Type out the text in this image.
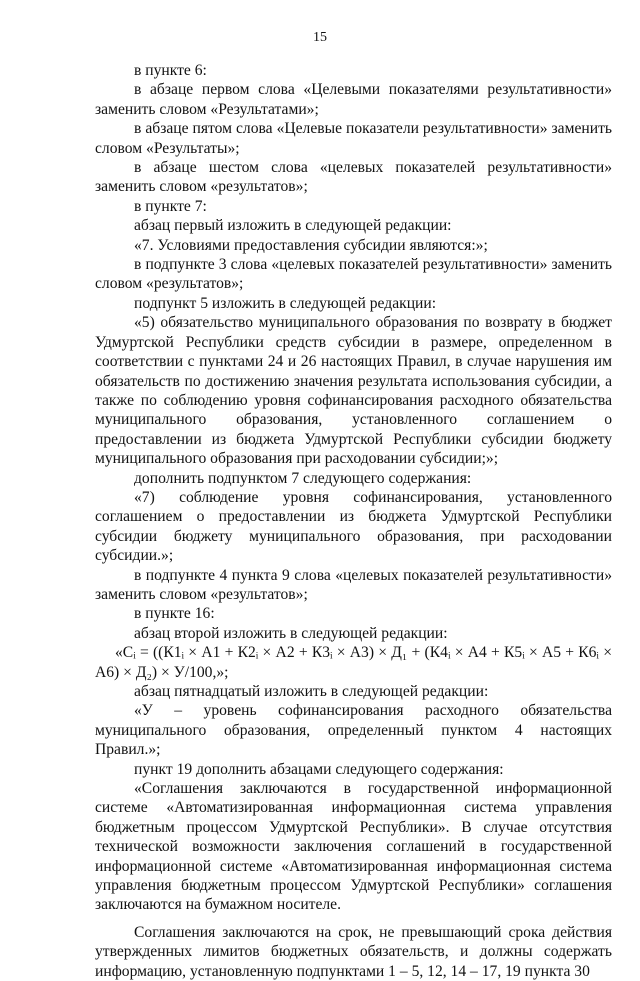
15

в пункте 6:

в абзаце первом слова «Целевыми показателями результативности» заменить словом «Результатами»;

в абзаце пятом слова «Целевые показатели результативности» заменить словом «Результаты»;

в абзаце шестом слова «целевых показателей результативности» заменить словом «результатов»;

в пункте 7:

абзац первый изложить в следующей редакции:

«7. Условиями предоставления субсидии являются:»;

в подпункте 3 слова «целевых показателей результативности» заменить словом «результатов»;

подпункт 5 изложить в следующей редакции:

«5) обязательство муниципального образования по возврату в бюджет Удмуртской Республики средств субсидии в размере, определенном в соответствии с пунктами 24 и 26 настоящих Правил, в случае нарушения им обязательств по достижению значения результата использования субсидии, а также по соблюдению уровня софинансирования расходного обязательства муниципального образования, установленного соглашением о предоставлении из бюджета Удмуртской Республики субсидии бюджету муниципального образования при расходовании субсидии;»;

дополнить подпунктом 7 следующего содержания:

«7) соблюдение уровня софинансирования, установленного соглашением о предоставлении из бюджета Удмуртской Республики субсидии бюджету муниципального образования, при расходовании субсидии.»;

в подпункте 4 пункта 9 слова «целевых показателей результативности» заменить словом «результатов»;

в пункте 16:

абзац второй изложить в следующей редакции:

«Сᵢ = ((К1ᵢ × А1 + К2ᵢ × А2 + К3ᵢ × А3) × Д₁ + (К4ᵢ × А4 + К5ᵢ × А5 + К6ᵢ × А6) × Д₂) × У/100,»;

абзац пятнадцатый изложить в следующей редакции:

«У – уровень софинансирования расходного обязательства муниципального образования, определенный пунктом 4 настоящих Правил.»;

пункт 19 дополнить абзацами следующего содержания:

«Соглашения заключаются в государственной информационной системе «Автоматизированная информационная система управления бюджетным процессом Удмуртской Республики». В случае отсутствия технической возможности заключения соглашений в государственной информационной системе «Автоматизированная информационная система управления бюджетным процессом Удмуртской Республики» соглашения заключаются на бумажном носителе.

Соглашения заключаются на срок, не превышающий срока действия утвержденных лимитов бюджетных обязательств, и должны содержать информацию, установленную подпунктами 1 – 5, 12, 14 – 17, 19 пункта 30
